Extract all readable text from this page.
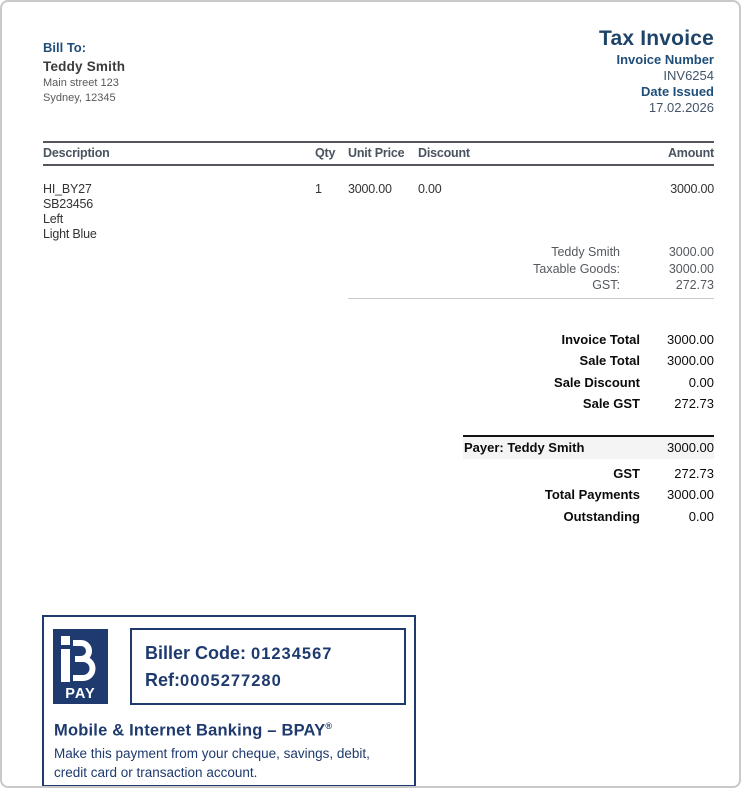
Bill To:
Teddy Smith
Main street 123
Sydney, 12345
Tax Invoice
Invoice Number
INV6254
Date Issued
17.02.2026
Description	Qty	Unit Price	Discount	Amount
HI_BY27
SB23456
Left
Light Blue
1	3000.00	0.00	3000.00
Teddy Smith	3000.00
Taxable Goods:	3000.00
GST:	272.73
Invoice Total	3000.00
Sale Total	3000.00
Sale Discount	0.00
Sale GST	272.73
Payer: Teddy Smith	3000.00
GST	272.73
Total Payments	3000.00
Outstanding	0.00
PAY
Biller Code: 01234567
Ref:0005277280
Mobile & Internet Banking – BPAY®
Make this payment from your cheque, savings, debit,
credit card or transaction account.
